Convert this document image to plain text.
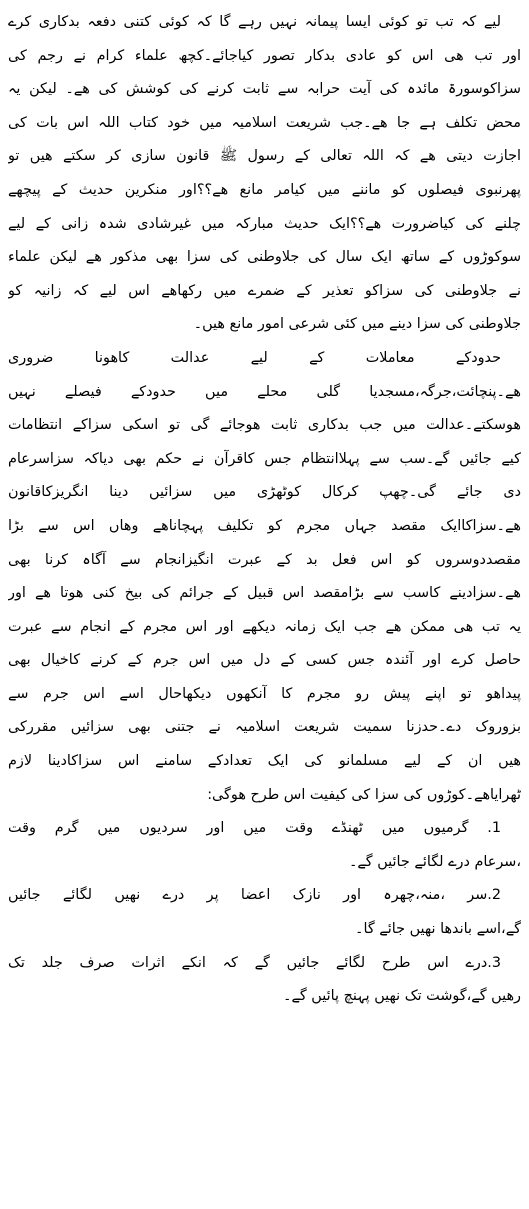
لیے کہ تب تو کوئی ایسا پیمانہ نہیں رہے گا کہ کوئی کتنی دفعہ بدکاری کرے
اور تب ھی اس کو عادی بدکار تصور کیاجائے۔کچھ علماء کرام نے رجم کی
سزاکوسورۃ مائدہ کی آیت حرابہ سے ثابت کرنے کی کوشش کی ھے۔ لیکن یہ
محض تکلف ہے جا ھے۔جب شریعت اسلامیہ میں خود کتاب اللہ اس بات کی
اجازت دیتی ھے کہ اللہ تعالی کے رسول ﷺ قانون سازی کر سکتے ھیں تو
پھرنبوی فیصلوں کو ماننے میں کیامر مانع ھے؟؟اور منکرین حدیث کے پیچھے
چلنے کی کیاضرورت ھے؟؟ایک حدیث مبارکہ میں غیرشادی شدہ زانی کے لیے
سوکوڑوں کے ساتھ ایک سال کی جلاوطنی کی سزا بھی مذکور ھے لیکن علماء
نے جلاوطنی کی سزاکو تعذیر کے ضمرے میں رکھاھے اس لیے کہ زانیہ کو
جلاوطنی کی سزا دینے میں کئی شرعی امور مانع ھیں۔
حدودکے معاملات کے لیے عدالت کاھونا ضروری
ھے۔پنچائت،جرگہ،مسجدیا گلی محلے میں حدودکے فیصلے نہیں
ھوسکتے۔عدالت میں جب بدکاری ثابت ھوجائے گی تو اسکی سزاکے انتظامات
کیے جائیں گے۔سب سے پہلاانتظام جس کاقرآن نے حکم بھی دیاکہ سزاسرعام
دی جائے گی۔چھپ کرکال کوٹھڑی میں سزائیں دینا انگریزکاقانون
ھے۔سزاکاایک مقصد جہاں مجرم کو تکلیف پہچاناھے وھاں اس سے بڑا
مقصددوسروں کو اس فعل بد کے عبرت انگیزانجام سے آگاہ کرنا بھی
ھے۔سزادینے کاسب سے بڑامقصد اس قبیل کے جرائم کی بیخ کنی ھوتا ھے اور
یہ تب ھی ممکن ھے جب ایک زمانہ دیکھے اور اس مجرم کے انجام سے عبرت
حاصل کرے اور آئندہ جس کسی کے دل میں اس جرم کے کرنے کاخیال بھی
پیداھو تو اپنے پیش رو مجرم کا آنکھوں دیکھاحال اسے اس جرم سے
بزوروک دے۔حدزنا سمیت شریعت اسلامیہ نے جتنی بھی سزائیں مقررکی
ھیں ان کے لیے مسلمانو کی ایک تعدادکے سامنے اس سزاکادینا لازم
ٹھرایاھے۔کوڑوں کی سزا کی کیفیت اس طرح ھوگی:
1. گرمیوں میں ٹھنڈے وقت میں اور سردیوں میں گرم وقت
،سرعام درے لگائے جائیں گے۔
2.سر ،منہ،چھرہ اور نازک اعضا پر درے نھیں لگائے جائیں
گے،اسے باندھا نھیں جائے گا۔
3.درے اس طرح لگائے جائیں گے کہ انکے اثرات صرف جلد تک
رھیں گے،گوشت تک نھیں پہنچ پائیں گے۔
